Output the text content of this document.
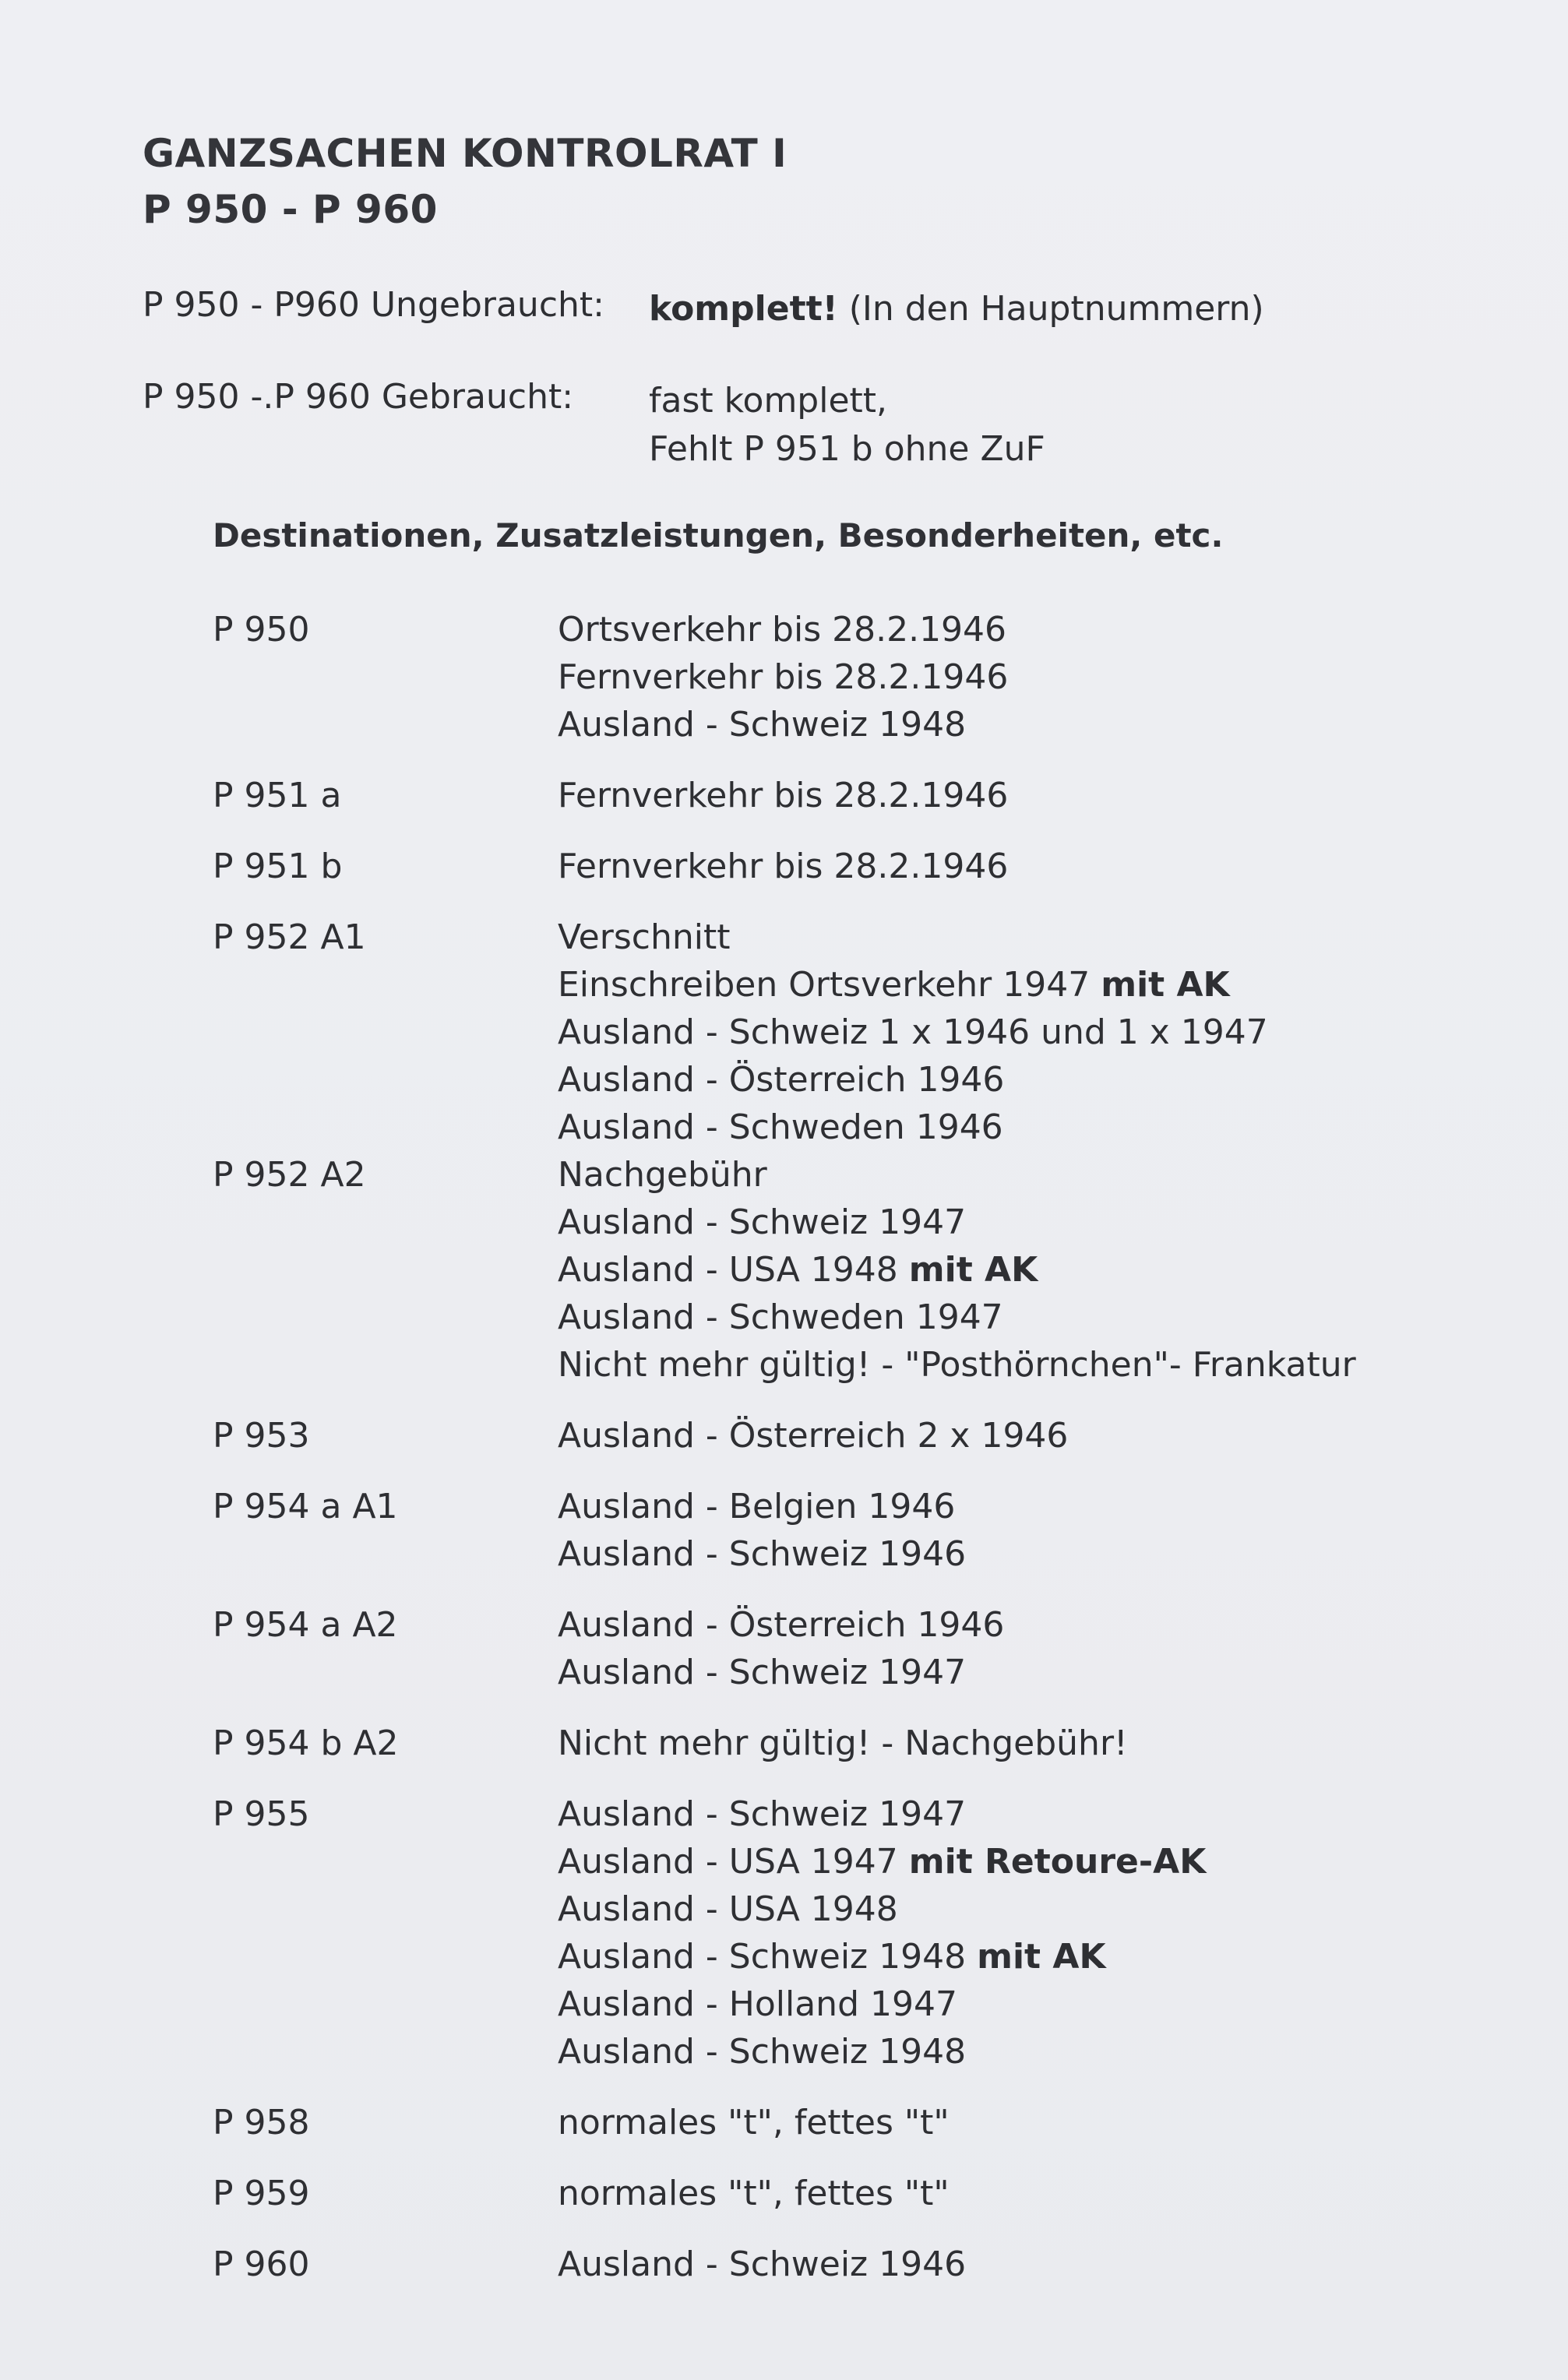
GANZSACHEN KONTROLRAT I
P 950 - P 960
P 950 - P960 Ungebraucht: komplett! (In den Hauptnummern)
P 950 -.P 960 Gebraucht: fast komplett,
Fehlt P 951 b ohne ZuF
Destinationen, Zusatzleistungen, Besonderheiten, etc.
P 950	Ortsverkehr bis 28.2.1946
Fernverkehr bis 28.2.1946
Ausland - Schweiz 1948
P 951 a	Fernverkehr bis 28.2.1946
P 951 b	Fernverkehr bis 28.2.1946
P 952 A1	Verschnitt
Einschreiben Ortsverkehr 1947 mit AK
Ausland - Schweiz 1 x 1946 und 1 x 1947
Ausland - Österreich 1946
Ausland - Schweden 1946
P 952 A2	Nachgebühr
Ausland - Schweiz 1947
Ausland - USA 1948 mit AK
Ausland - Schweden 1947
Nicht mehr gültig! - "Posthörnchen"- Frankatur
P 953	Ausland - Österreich 2 x 1946
P 954 a A1	Ausland - Belgien 1946
Ausland - Schweiz 1946
P 954 a A2	Ausland - Österreich 1946
Ausland - Schweiz 1947
P 954 b A2	Nicht mehr gültig! - Nachgebühr!
P 955	Ausland - Schweiz 1947
Ausland - USA 1947 mit Retoure-AK
Ausland - USA 1948
Ausland - Schweiz 1948 mit AK
Ausland - Holland 1947
Ausland - Schweiz 1948
P 958	normales "t", fettes "t"
P 959	normales "t", fettes "t"
P 960	Ausland - Schweiz 1946
